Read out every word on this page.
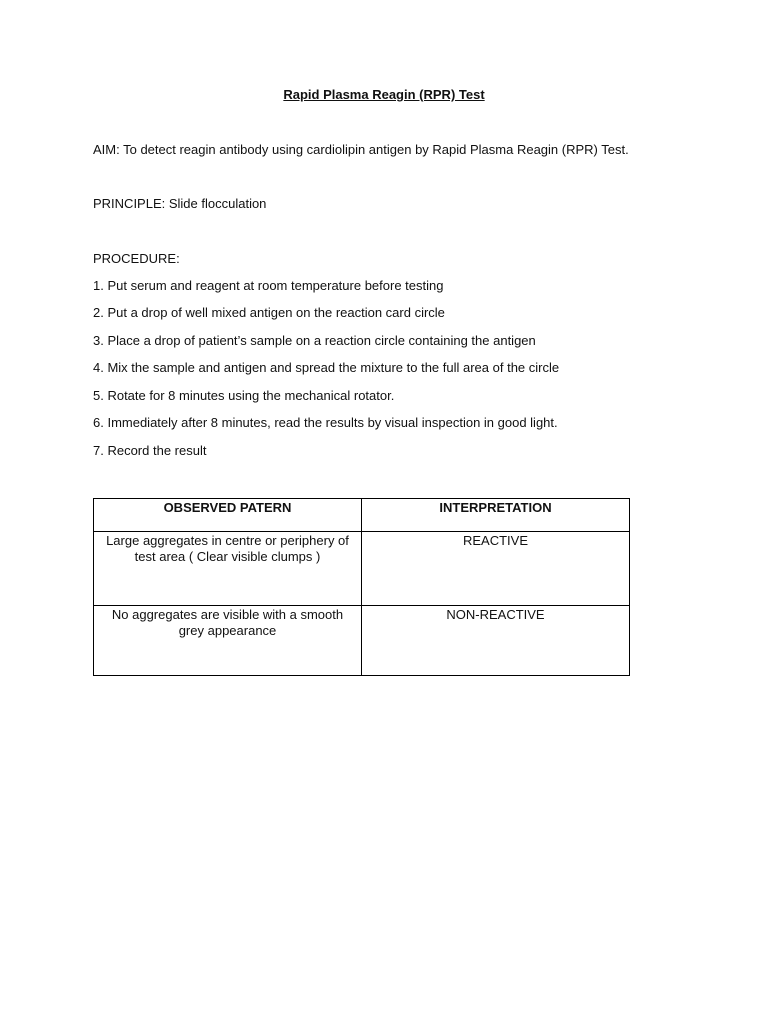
Rapid Plasma Reagin (RPR) Test
AIM: To detect reagin antibody using cardiolipin antigen by Rapid Plasma Reagin (RPR) Test.
PRINCIPLE: Slide flocculation
PROCEDURE:
1. Put serum and reagent at room temperature before testing
2. Put a drop of well mixed antigen on the reaction card circle
3. Place a drop of patient’s sample on a reaction circle containing the antigen
4. Mix the sample and antigen and spread the mixture to the full area of the circle
5. Rotate for 8 minutes using the mechanical rotator.
6. Immediately after 8 minutes, read the results by visual inspection in good light.
7. Record the result
OBSERVED PATERN	INTERPRETATION
Large aggregates in centre or periphery of test area ( Clear visible clumps )	REACTIVE
No aggregates are visible with a smooth grey appearance	NON-REACTIVE
